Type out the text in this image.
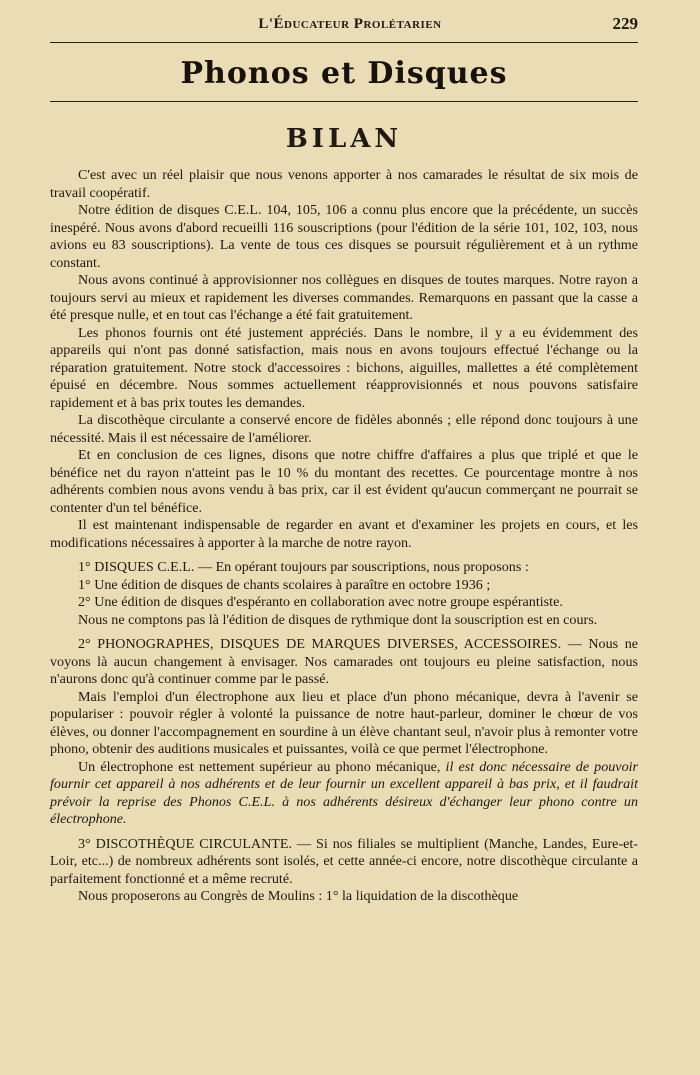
L'Éducateur Prolétarien	229
Phonos et Disques
BILAN

C'est avec un réel plaisir que nous venons apporter à nos camarades le résultat de six mois de travail coopératif.

Notre édition de disques C.E.L. 104, 105, 106 a connu plus encore que la précédente, un succès inespéré. Nous avons d'abord recueilli 116 souscriptions (pour l'édition de la série 101, 102, 103, nous avions eu 83 souscriptions). La vente de tous ces disques se poursuit régulièrement et à un rythme constant.

Nous avons continué à approvisionner nos collègues en disques de toutes marques. Notre rayon a toujours servi au mieux et rapidement les diverses commandes. Remarquons en passant que la casse a été presque nulle, et en tout cas l'échange a été fait gratuitement.

Les phonos fournis ont été justement appréciés. Dans le nombre, il y a eu évidemment des appareils qui n'ont pas donné satisfaction, mais nous en avons toujours effectué l'échange ou la réparation gratuitement. Notre stock d'accessoires : bichons, aiguilles, mallettes a été complètement épuisé en décembre. Nous sommes actuellement réapprovisionnés et nous pouvons satisfaire rapidement et à bas prix toutes les demandes.

La discothèque circulante a conservé encore de fidèles abonnés ; elle répond donc toujours à une nécessité. Mais il est nécessaire de l'améliorer.

Et en conclusion de ces lignes, disons que notre chiffre d'affaires a plus que triplé et que le bénéfice net du rayon n'atteint pas le 10 % du montant des recettes. Ce pourcentage montre à nos adhérents combien nous avons vendu à bas prix, car il est évident qu'aucun commerçant ne pourrait se contenter d'un tel bénéfice.

Il est maintenant indispensable de regarder en avant et d'examiner les projets en cours, et les modifications nécessaires à apporter à la marche de notre rayon.

1° DISQUES C.E.L. — En opérant toujours par souscriptions, nous proposons :

1° Une édition de disques de chants scolaires à paraître en octobre 1936 ;

2° Une édition de disques d'espéranto en collaboration avec notre groupe espérantiste.

Nous ne comptons pas là l'édition de disques de rythmique dont la souscription est en cours.

2° PHONOGRAPHES, DISQUES DE MARQUES DIVERSES, ACCESSOIRES. — Nous ne voyons là aucun changement à envisager. Nos camarades ont toujours eu pleine satisfaction, nous n'aurons donc qu'à continuer comme par le passé.

Mais l'emploi d'un électrophone aux lieu et place d'un phono mécanique, devra à l'avenir se populariser : pouvoir régler à volonté la puissance de notre haut-parleur, dominer le chœur de vos élèves, ou donner l'accompagnement en sourdine à un élève chantant seul, n'avoir plus à remonter votre phono, obtenir des auditions musicales et puissantes, voilà ce que permet l'électrophone.

Un électrophone est nettement supérieur au phono mécanique, il est donc nécessaire de pouvoir fournir cet appareil à nos adhérents et de leur fournir un excellent appareil à bas prix, et il faudrait prévoir la reprise des Phonos C.E.L. à nos adhérents désireux d'échanger leur phono contre un électrophone.

3° DISCOTHÈQUE CIRCULANTE. — Si nos filiales se multiplient (Manche, Landes, Eure-et-Loir, etc...) de nombreux adhérents sont isolés, et cette année-ci encore, notre discothèque circulante a parfaitement fonctionné et a même recruté.

Nous proposerons au Congrès de Moulins : 1° la liquidation de la discothèque
